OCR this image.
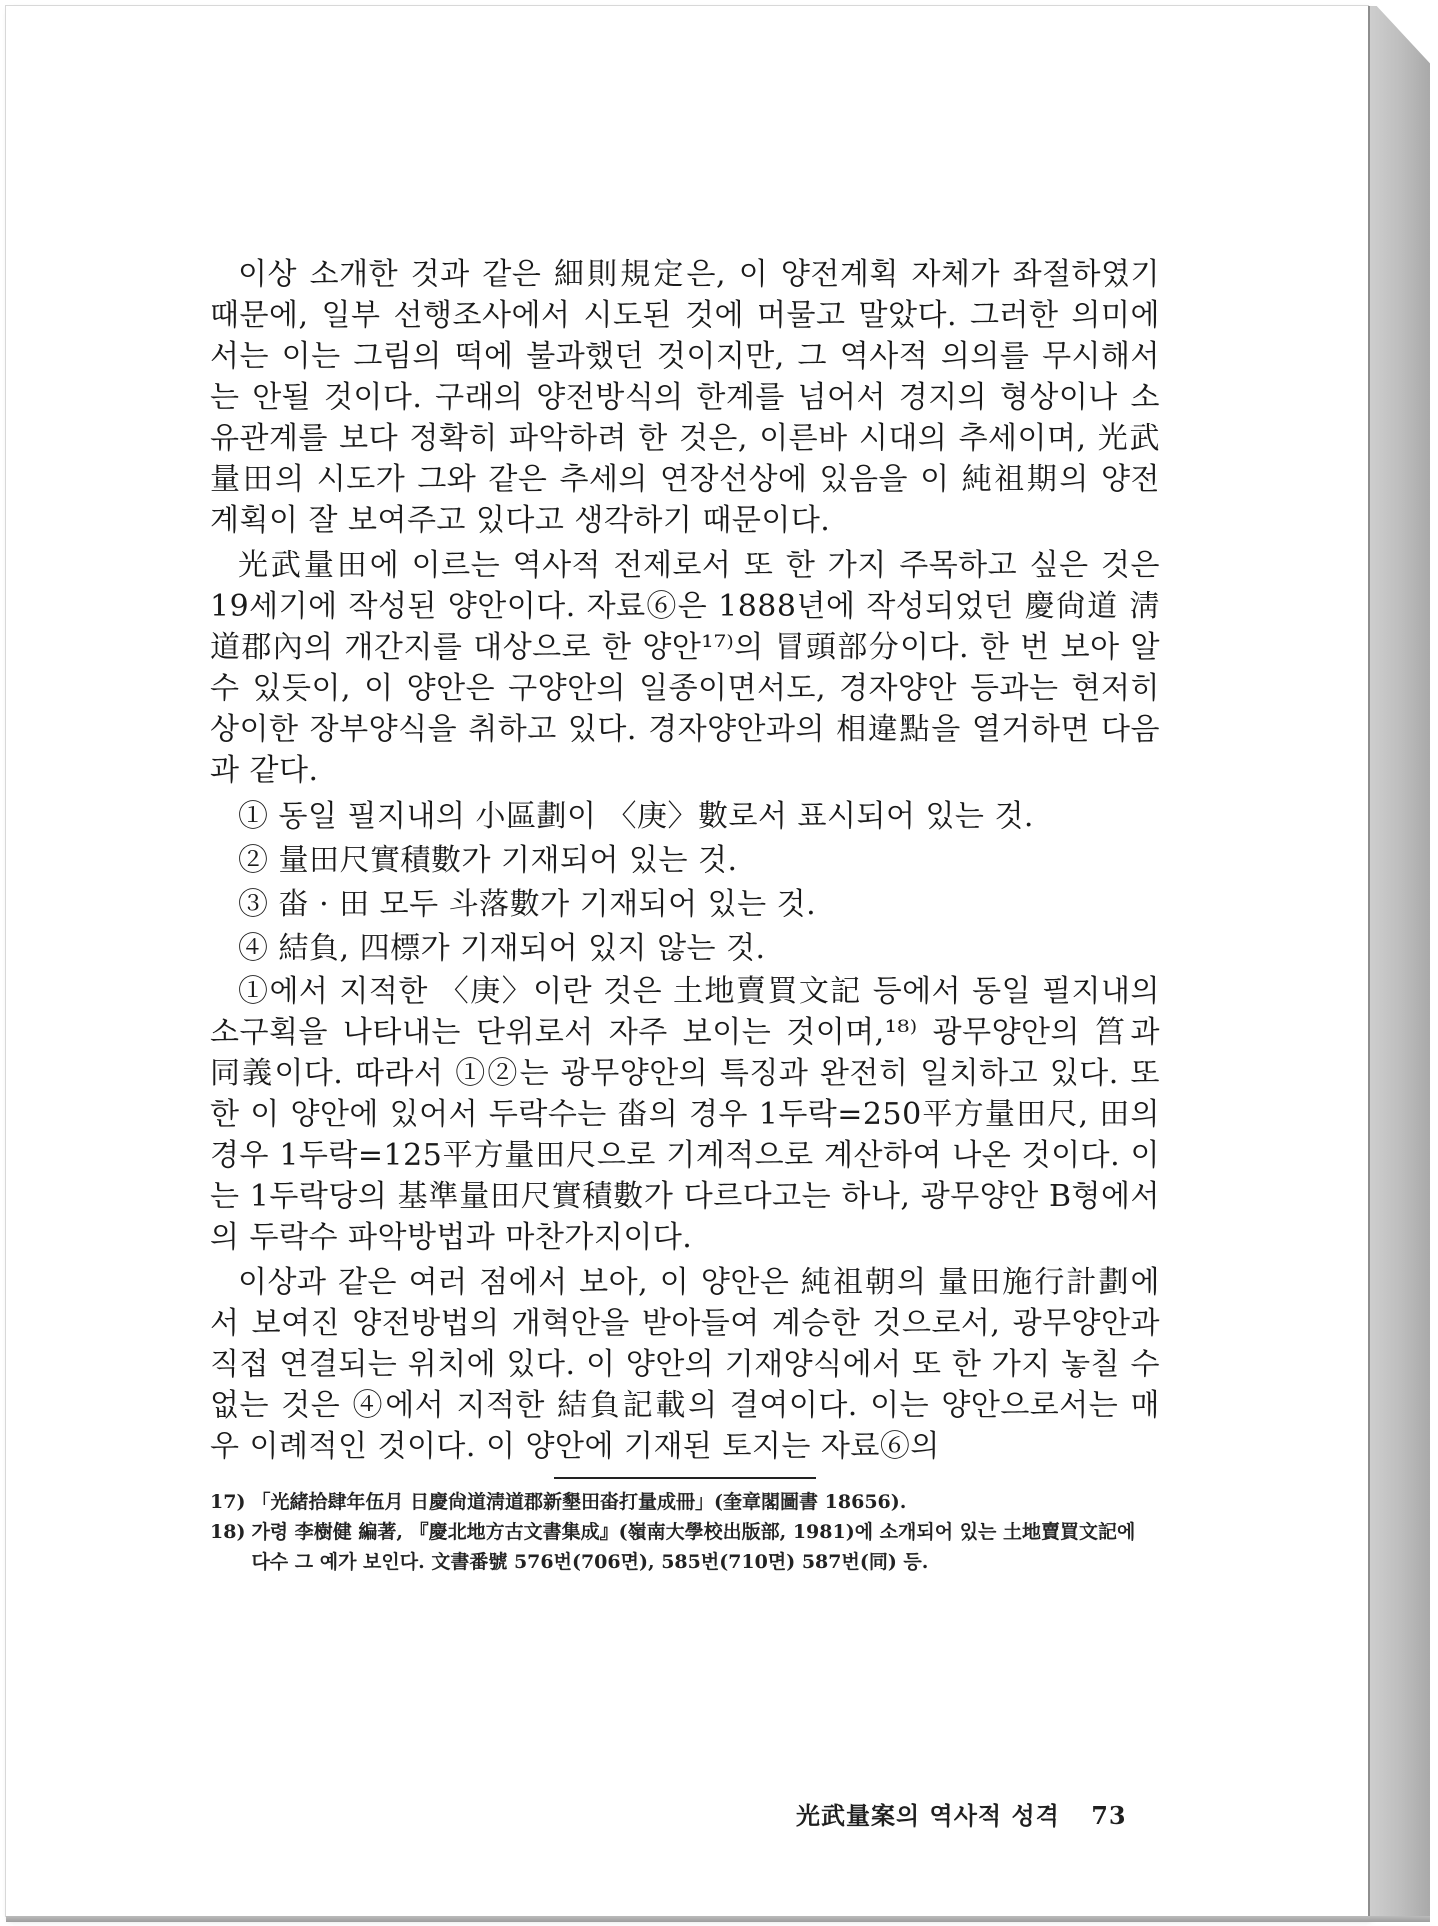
이상 소개한 것과 같은 細則規定은, 이 양전계획 자체가 좌절하였기 때문에, 일부 선행조사에서 시도된 것에 머물고 말았다. 그러한 의미에서는 이는 그림의 떡에 불과했던 것이지만, 그 역사적 의의를 무시해서는 안될 것이다. 구래의 양전방식의 한계를 넘어서 경지의 형상이나 소유관계를 보다 정확히 파악하려 한 것은, 이른바 시대의 추세이며, 光武量田의 시도가 그와 같은 추세의 연장선상에 있음을 이 純祖期의 양전계획이 잘 보여주고 있다고 생각하기 때문이다.

光武量田에 이르는 역사적 전제로서 또 한 가지 주목하고 싶은 것은 19세기에 작성된 양안이다. 자료⑥은 1888년에 작성되었던 慶尙道 淸道郡內의 개간지를 대상으로 한 양안¹⁷⁾의 冒頭部分이다. 한 번 보아 알 수 있듯이, 이 양안은 구양안의 일종이면서도, 경자양안 등과는 현저히 상이한 장부양식을 취하고 있다. 경자양안과의 相違點을 열거하면 다음과 같다.

① 동일 필지내의 小區劃이 〈庚〉數로서 표시되어 있는 것.
② 量田尺實積數가 기재되어 있는 것.
③ 畓 · 田 모두 斗落數가 기재되어 있는 것.
④ 結負, 四標가 기재되어 있지 않는 것.

①에서 지적한 〈庚〉이란 것은 土地賣買文記 등에서 동일 필지내의 소구획을 나타내는 단위로서 자주 보이는 것이며,¹⁸⁾ 광무양안의 筥과 同義이다. 따라서 ①②는 광무양안의 특징과 완전히 일치하고 있다. 또한 이 양안에 있어서 두락수는 畓의 경우 1두락=250平方量田尺, 田의 경우 1두락=125平方量田尺으로 기계적으로 계산하여 나온 것이다. 이는 1두락당의 基準量田尺實積數가 다르다고는 하나, 광무양안 B형에서의 두락수 파악방법과 마찬가지이다.

이상과 같은 여러 점에서 보아, 이 양안은 純祖朝의 量田施行計劃에서 보여진 양전방법의 개혁안을 받아들여 계승한 것으로서, 광무양안과 직접 연결되는 위치에 있다. 이 양안의 기재양식에서 또 한 가지 놓칠 수 없는 것은 ④에서 지적한 結負記載의 결여이다. 이는 양안으로서는 매우 이례적인 것이다. 이 양안에 기재된 토지는 자료⑥의

17) 「光緒拾肆年伍月 日慶尙道淸道郡新墾田畓打量成冊」(奎章閣圖書 18656).
18) 가령 李樹健 編著, 『慶北地方古文書集成』(嶺南大學校出版部, 1981)에 소개되어 있는 土地賣買文記에 다수 그 예가 보인다. 文書番號 576번(706면), 585번(710면) 587번(同) 등.
光武量案의 역사적 성격 73
